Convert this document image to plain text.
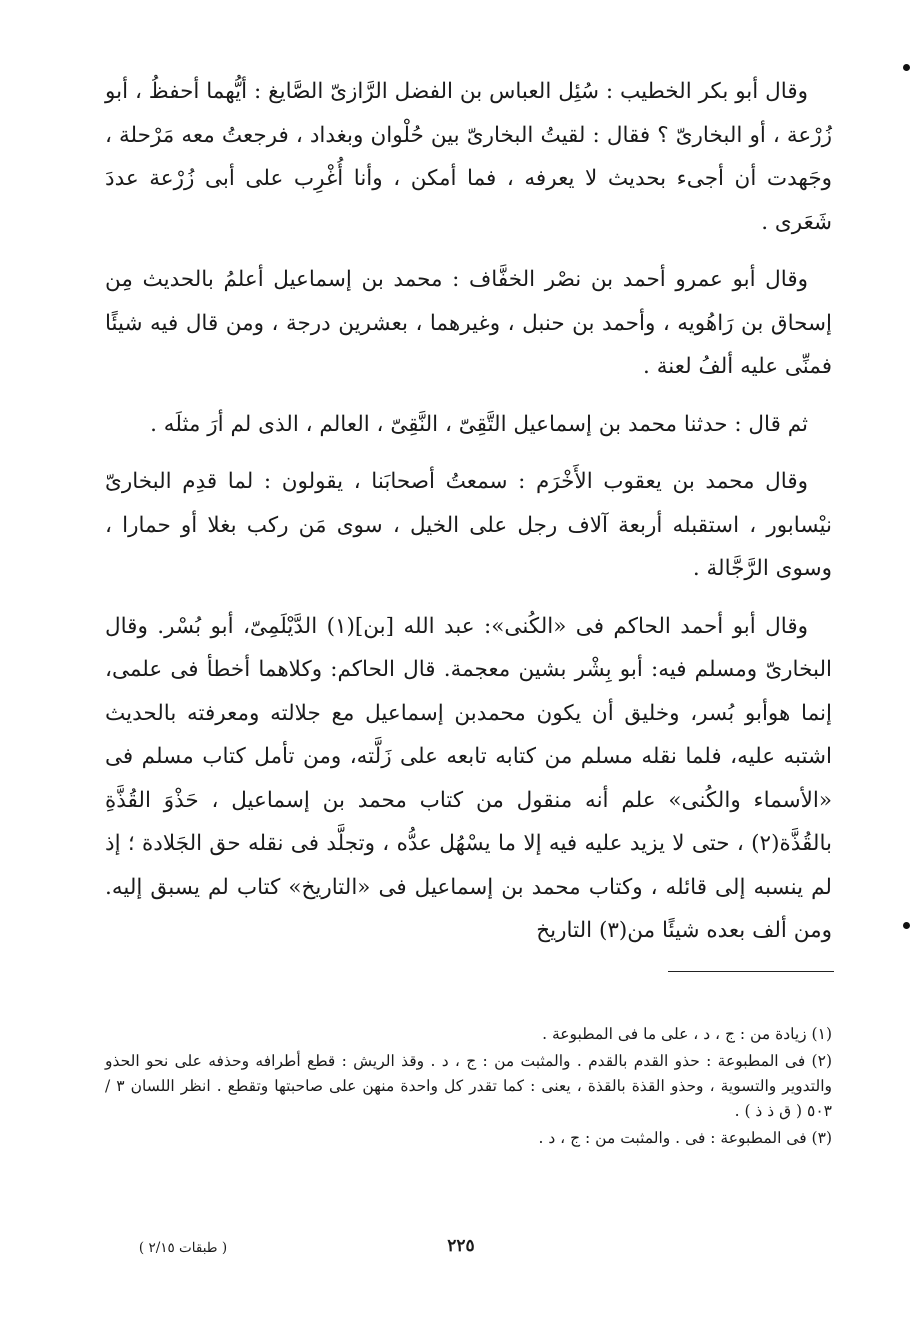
وقال أبو بكر الخطيب : سُئِل العباس بن الفضل الرَّازىّ الصَّايغ : أيُّهما أحفظُ ، أبو زُرْعة ، أو البخارىّ ؟ فقال : لقيتُ البخارىّ بين حُلْوان وبغداد ، فرجعتُ معه مَرْحلة ، وجَهدت أن أجىء بحديث لا يعرفه ، فما أمكن ، وأنا أُغْرِب على أبى زُرْعة عددَ شَعَرى .

وقال أبو عمرو أحمد بن نصْر الخفَّاف : محمد بن إسماعيل أعلمُ بالحديث مِن إسحاق بن رَاهُويه ، وأحمد بن حنبل ، وغيرهما ، بعشرين درجة ، ومن قال فيه شيئًا فمنِّى عليه ألفُ لعنة .

ثم قال : حدثنا محمد بن إسماعيل التَّقِىّ ، النَّقِىّ ، العالم ، الذى لم أرَ مثلَه .

وقال محمد بن يعقوب الأَخْرَم : سمعتُ أصحابَنا ، يقولون : لما قدِم البخارىّ نيْسابور ، استقبله أربعة آلاف رجل على الخيل ، سوى مَن ركب بغلا أو حمارا ، وسوى الرَّجَّالة .

وقال أبو أحمد الحاكم فى «الكُنى»: عبد الله [بن](١) الدَّيْلَمِىّ، أبو بُسْر. وقال البخارىّ ومسلم فيه: أبو بِشْر بشين معجمة. قال الحاكم: وكلاهما أخطأ فى علمى، إنما هوأبو بُسر، وخليق أن يكون محمدبن إسماعيل مع جلالته ومعرفته بالحديث اشتبه عليه، فلما نقله مسلم من كتابه تابعه على زَلَّته، ومن تأمل كتاب مسلم فى «الأسماء والكُنى» علم أنه منقول من كتاب محمد بن إسماعيل ، حَذْوَ القُذَّةِ بالقُذَّة(٢) ، حتى لا يزيد عليه فيه إلا ما يسْهُل عدُّه ، وتجلَّد فى نقله حق الجَلادة ؛ إذ لم ينسبه إلى قائله ، وكتاب محمد بن إسماعيل فى «التاريخ» كتاب لم يسبق إليه. ومن ألف بعده شيئًا من(٣) التاريخ

(١) زيادة من : ج ، د ، على ما فى المطبوعة .

(٢) فى المطبوعة : حذو القدم بالقدم . والمثبت من : ج ، د . وقذ الريش : قطع أطرافه وحذفه على نحو الحذو والتدوير والتسوية ، وحذو القذة بالقذة ، يعنى : كما تقدر كل واحدة منهن على صاحبتها وتقطع . انظر اللسان ٣ / ٥٠٣ ( ق ذ ذ ) .

(٣) فى المطبوعة : فى . والمثبت من : ج ، د .

٢٢٥
( طبقات ٢/١٥ )
